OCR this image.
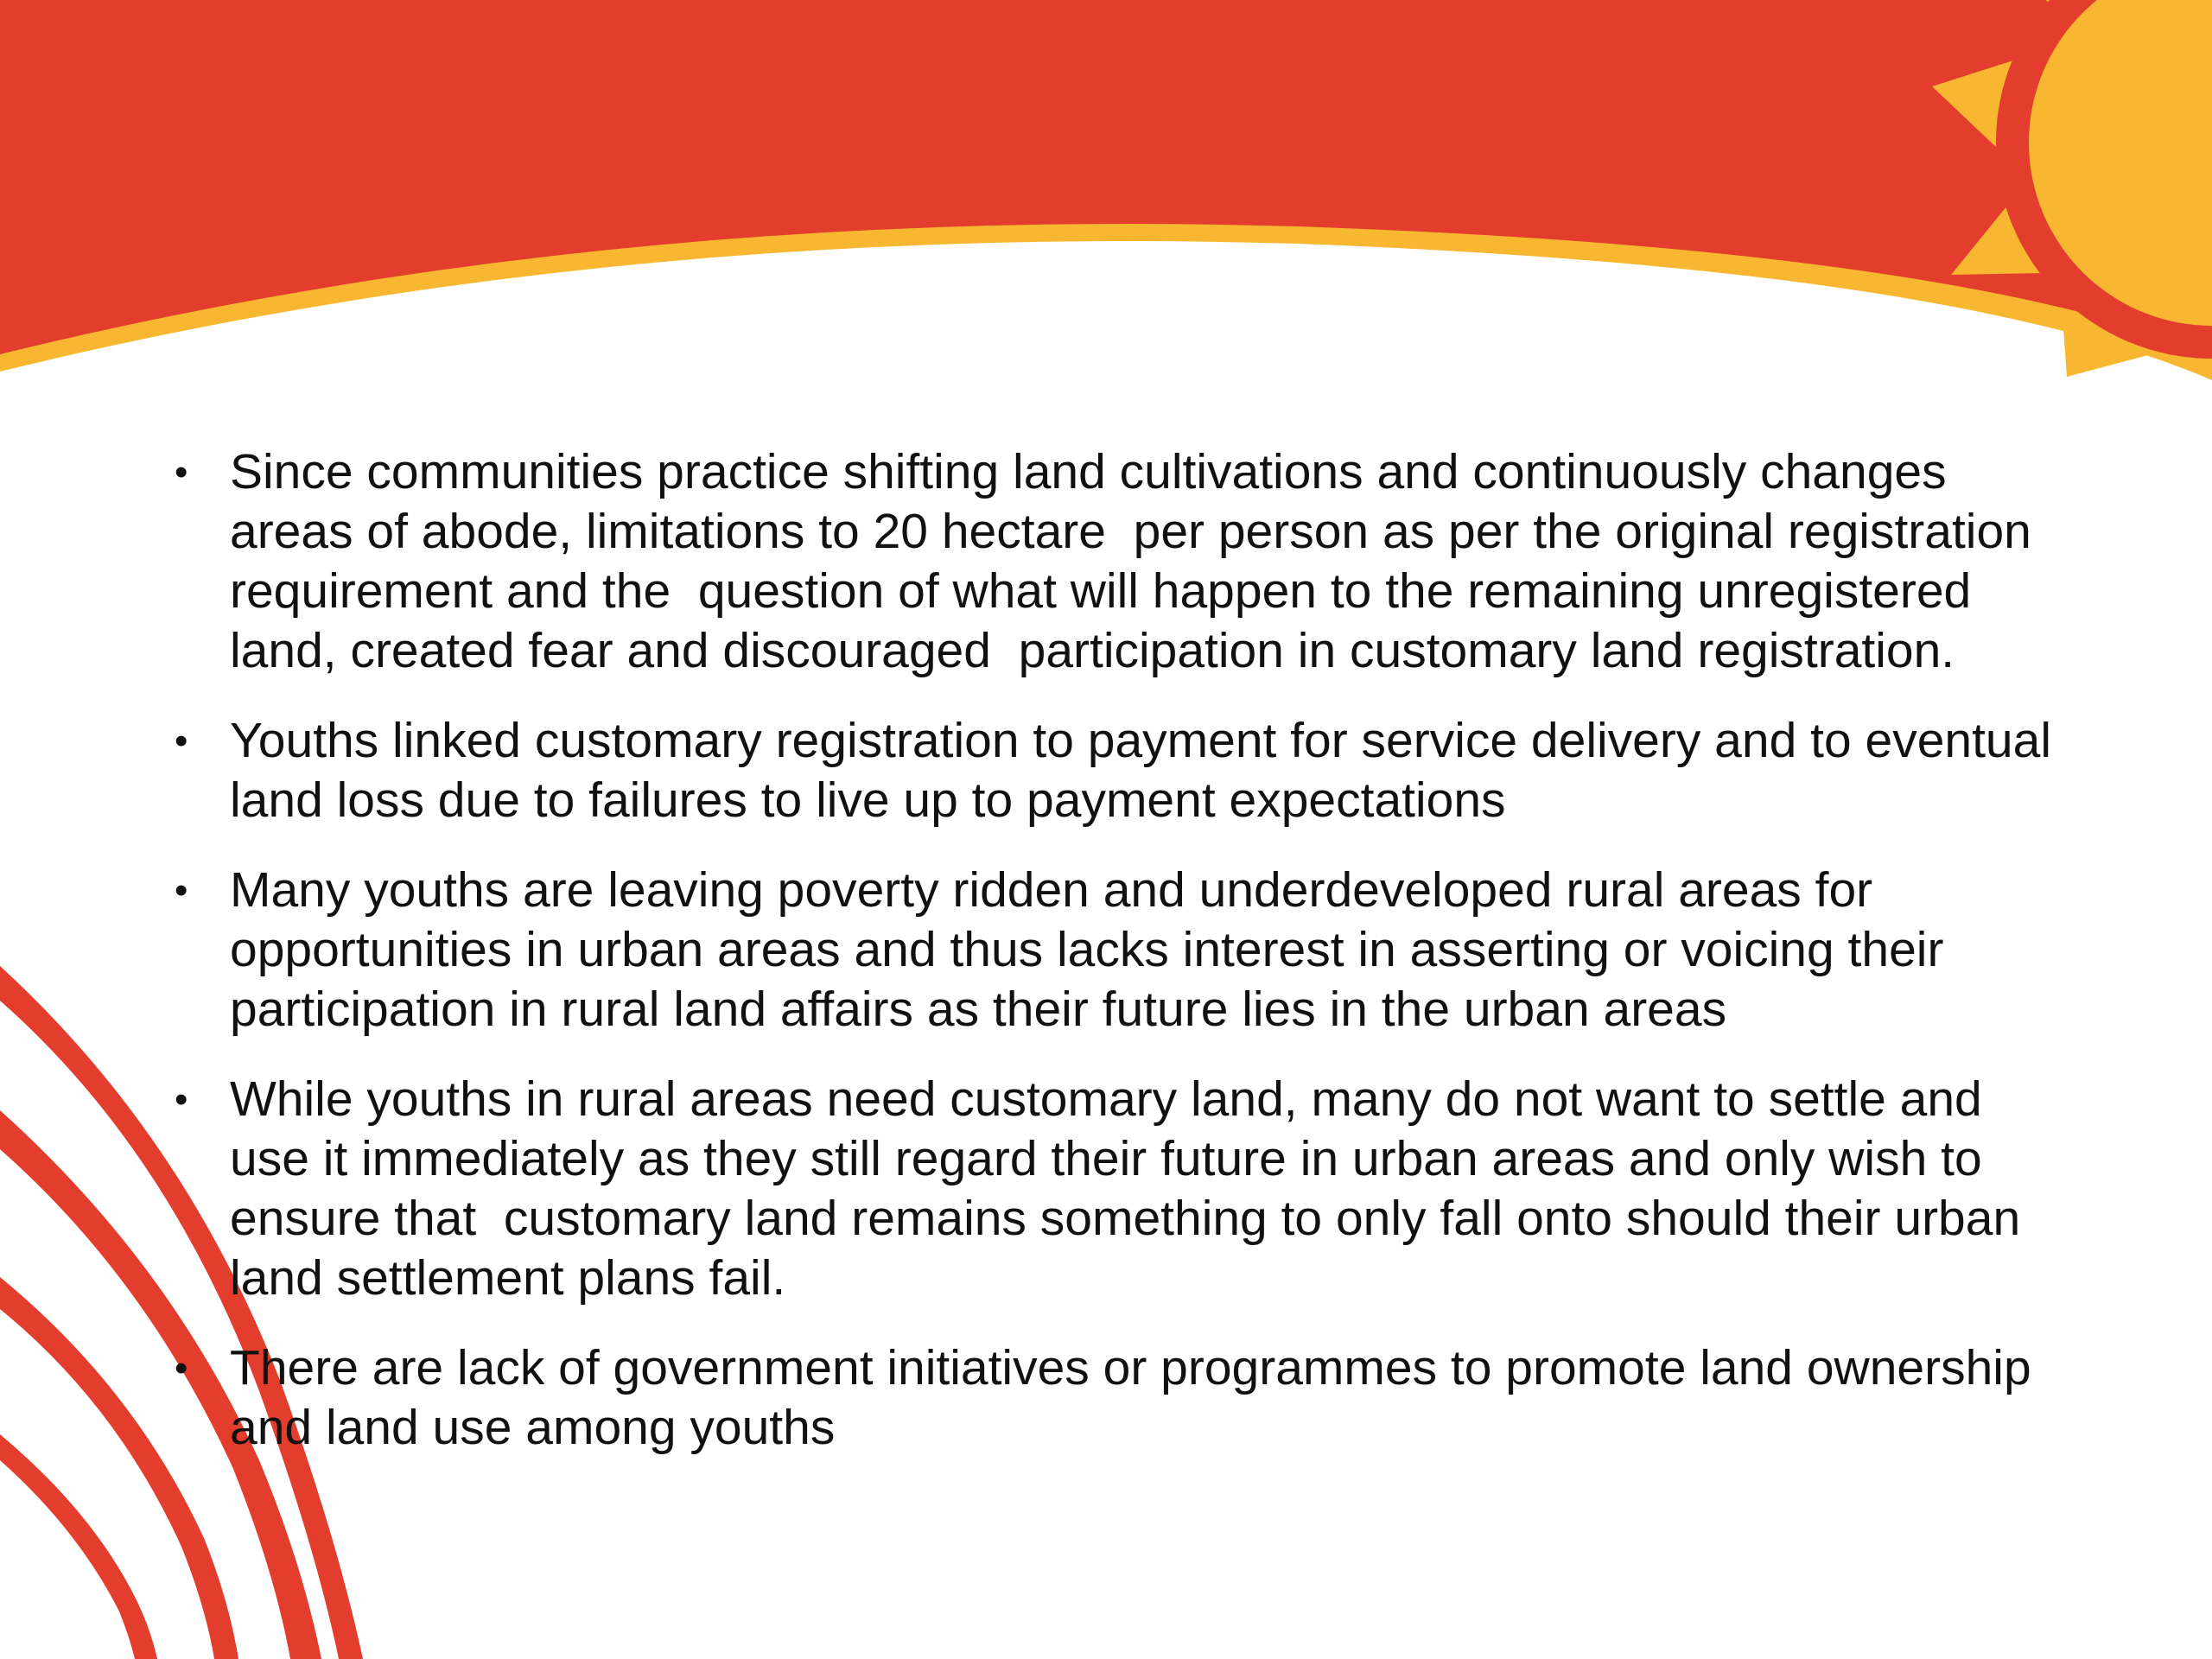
• Since communities practice shifting land cultivations and continuously changes areas of abode, limitations to 20 hectare  per person as per the original registration requirement and the  question of what will happen to the remaining unregistered land, created fear and discouraged  participation in customary land registration.
• Youths linked customary registration to payment for service delivery and to eventual land loss due to failures to live up to payment expectations
• Many youths are leaving poverty ridden and underdeveloped rural areas for opportunities in urban areas and thus lacks interest in asserting or voicing their participation in rural land affairs as their future lies in the urban areas
• While youths in rural areas need customary land, many do not want to settle and use it immediately as they still regard their future in urban areas and only wish to ensure that  customary land remains something to only fall onto should their urban land settlement plans fail.
• There are lack of government initiatives or programmes to promote land ownership and land use among youths
